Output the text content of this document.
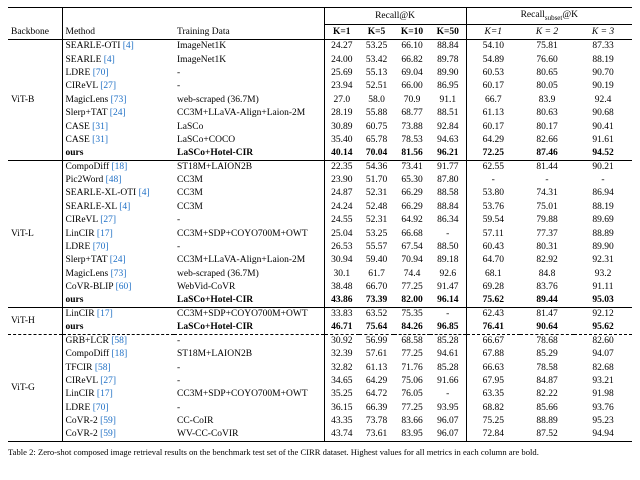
			Recall@K				Recall$_{subset}$@K		
Backbone	Method	Training Data	K=1	K=5	K=10	K=50	K=1	K = 2	K = 3
ViT-B	SEARLE-OTI [4]	ImageNet1K	24.27	53.25	66.10	88.84	54.10	75.81	87.33
	SEARLE [4]	ImageNet1K	24.00	53.42	66.82	89.78	54.89	76.60	88.19
	LDRE [70]	-	25.69	55.13	69.04	89.90	60.53	80.65	90.70
	CIReVL [27]	-	23.94	52.51	66.00	86.95	60.17	80.05	90.19
	MagicLens [73]	web-scraped (36.7M)	27.0	58.0	70.9	91.1	66.7	83.9	92.4
	Slerp+TAT [24]	CC3M+LLaVA-Align+Laion-2M	28.19	55.88	68.77	88.51	61.13	80.63	90.68
	CASE [31]	LaSCo	30.89	60.75	73.88	92.84	60.17	80.17	90.41
	CASE [31]	LaSCo+COCO	35.40	65.78	78.53	94.63	64.29	82.66	91.61
	ours	LaSCo+Hotel-CIR	40.14	70.04	81.56	96.21	72.25	87.46	94.52
ViT-L	CompoDiff [18]	ST18M+LAION2B	22.35	54.36	73.41	91.77	62.55	81.44	90.21
	Pic2Word [48]	CC3M	23.90	51.70	65.30	87.80	-	-	-
	SEARLE-XL-OTI [4]	CC3M	24.87	52.31	66.29	88.58	53.80	74.31	86.94
	SEARLE-XL [4]	CC3M	24.24	52.48	66.29	88.84	53.76	75.01	88.19
	CIReVL [27]	-	24.55	52.31	64.92	86.34	59.54	79.88	89.69
	LinCIR [17]	CC3M+SDP+COYO700M+OWT	25.04	53.25	66.68	-	57.11	77.37	88.89
	LDRE [70]	-	26.53	55.57	67.54	88.50	60.43	80.31	89.90
	Slerp+TAT [24]	CC3M+LLaVA-Align+Laion-2M	30.94	59.40	70.94	89.18	64.70	82.92	92.31
	MagicLens [73]	web-scraped (36.7M)	30.1	61.7	74.4	92.6	68.1	84.8	93.2
	CoVR-BLIP [60]	WebVid-CoVR	38.48	66.70	77.25	91.47	69.28	83.76	91.11
	ours	LaSCo+Hotel-CIR	43.86	73.39	82.00	96.14	75.62	89.44	95.03
ViT-H	LinCIR [17]	CC3M+SDP+COYO700M+OWT	33.83	63.52	75.35	-	62.43	81.47	92.12
	ours	LaSCo+Hotel-CIR	46.71	75.64	84.26	96.85	76.41	90.64	95.62
ViT-G	GRB+LCR [58]	-	30.92	56.99	68.58	85.28	66.67	78.68	82.60
	CompoDiff [18]	ST18M+LAION2B	32.39	57.61	77.25	94.61	67.88	85.29	94.07
	TFCIR [58]	-	32.82	61.13	71.76	85.28	66.63	78.58	82.68
	CIReVL [27]	-	34.65	64.29	75.06	91.66	67.95	84.87	93.21
	LinCIR [17]	CC3M+SDP+COYO700M+OWT	35.25	64.72	76.05	-	63.35	82.22	91.98
	LDRE [70]	-	36.15	66.39	77.25	93.95	68.82	85.66	93.76
	CoVR-2 [59]	CC-CoIR	43.35	73.78	83.66	96.07	75.25	88.89	95.23
	CoVR-2 [59]	WV-CC-CoVIR	43.74	73.61	83.95	96.07	72.84	87.52	94.94
Table 2: Zero-shot composed image retrieval results on the benchmark test set of the CIRR dataset. Highest values for all metrics in each column are bold.
